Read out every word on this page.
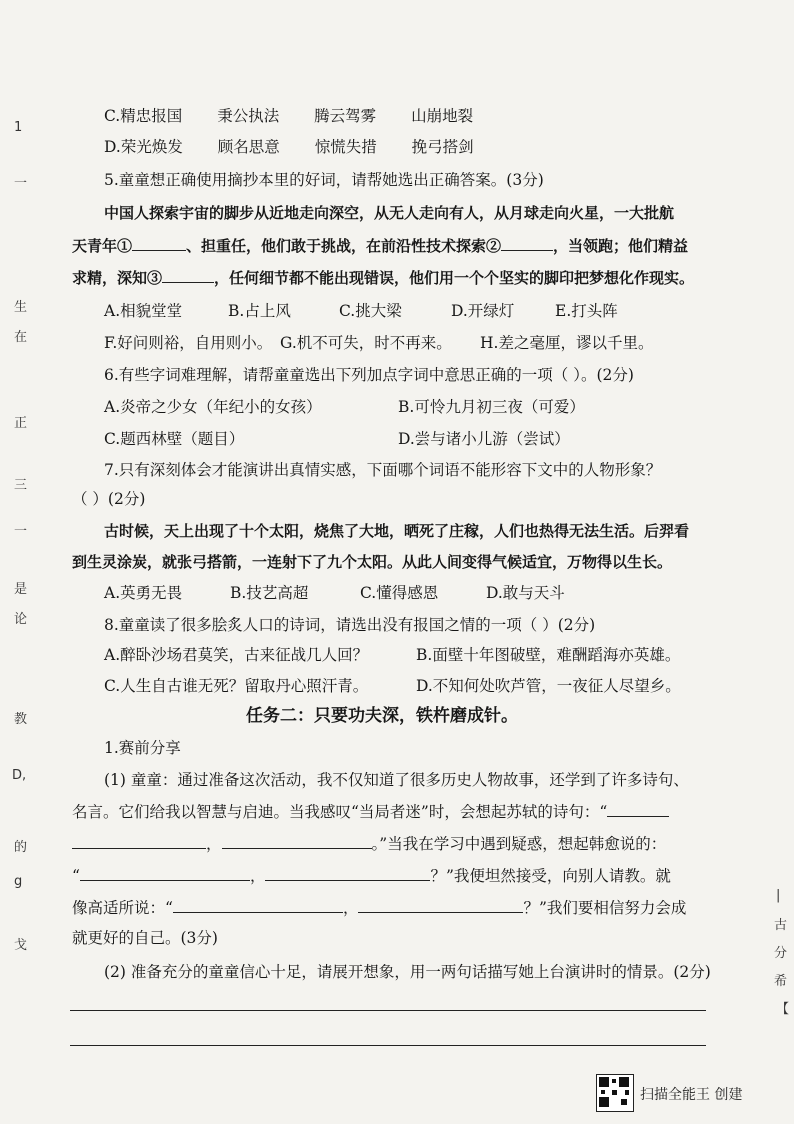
C.精忠报国 秉公执法 腾云驾雾 山崩地裂
D.荣光焕发 顾名思意 惊慌失措 挽弓搭剑
5.童童想正确使用摘抄本里的好词，请帮她选出正确答案。(3分)
中国人探索宇宙的脚步从近地走向深空，从无人走向有人，从月球走向火星，一大批航
天青年①	、担重任，他们敢于挑战，在前沿性技术探索②	，当领跑；他们精益
求精，深知③	，任何细节都不能出现错误，他们用一个个坚实的脚印把梦想化作现实。
A.相貌堂堂	B.占上风	C.挑大梁	D.开绿灯	E.打头阵
F.好问则裕，自用则小。 G.机不可失，时不再来。 H.差之毫厘，谬以千里。
6.有些字词难理解，请帮童童选出下列加点字词中意思正确的一项（ ）。(2分)
A.炎帝之少女（年纪小的女孩）	B.可怜九月初三夜（可爱）
C.题西林壁（题目）	D.尝与诸小儿游（尝试）
7.只有深刻体会才能演讲出真情实感，下面哪个词语不能形容下文中的人物形象？
（ ）(2分)
古时候，天上出现了十个太阳，烧焦了大地，晒死了庄稼，人们也热得无法生活。后羿看
到生灵涂炭，就张弓搭箭，一连射下了九个太阳。从此人间变得气候适宜，万物得以生长。
A.英勇无畏	B.技艺高超	C.懂得感恩	D.敢与天斗
8.童童读了很多脍炙人口的诗词，请选出没有报国之情的一项（ ）(2分)
A.醉卧沙场君莫笑，古来征战几人回？	B.面壁十年图破壁，难酬蹈海亦英雄。
C.人生自古谁无死？留取丹心照汗青。	D.不知何处吹芦管，一夜征人尽望乡。
任务二：只要功夫深，铁杵磨成针。
1.赛前分享
(1) 童童：通过准备这次活动，我不仅知道了很多历史人物故事，还学到了许多诗句、
名言。它们给我以智慧与启迪。当我感叹“当局者迷”时，会想起苏轼的诗句：“
，	。”当我在学习中遇到疑惑，想起韩愈说的：
“	，	？”我便坦然接受，向别人请教。就
像高适所说：“	，	？”我们要相信努力会成
就更好的自己。(3分)
(2) 准备充分的童童信心十足，请展开想象，用一两句话描写她上台演讲时的情景。(2分)
1
一
生
在
正
三
一
是
论
教
D,
的
g
戈
|
古
分
希
【
扫描全能王 创建
